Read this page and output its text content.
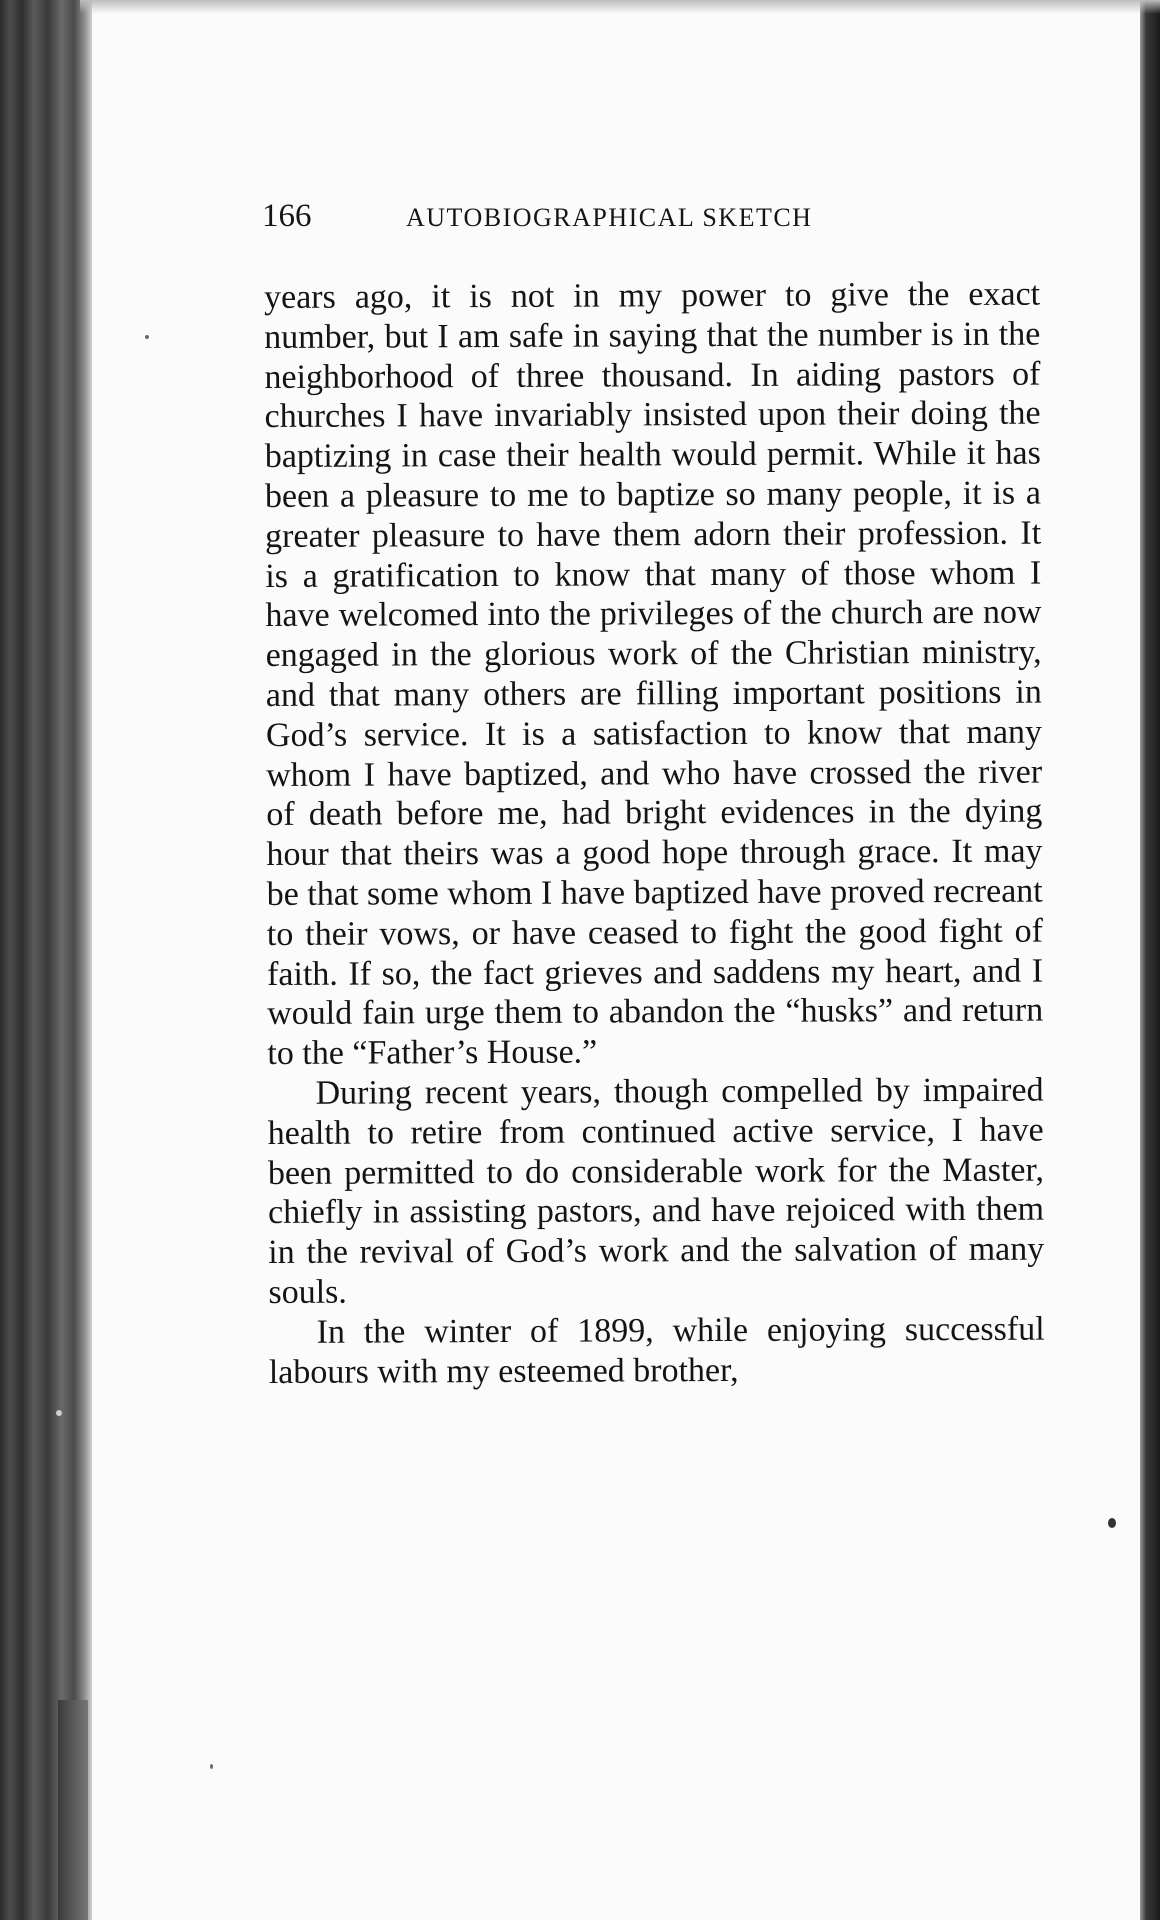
166	AUTOBIOGRAPHICAL SKETCH

years ago, it is not in my power to give the exact number, but I am safe in saying that the number is in the neighborhood of three thousand. In aiding pastors of churches I have invariably insisted upon their doing the baptizing in case their health would permit. While it has been a pleasure to me to baptize so many people, it is a greater pleasure to have them adorn their profession. It is a gratification to know that many of those whom I have welcomed into the privileges of the church are now engaged in the glorious work of the Christian ministry, and that many others are filling important positions in God’s service. It is a satisfaction to know that many whom I have baptized, and who have crossed the river of death before me, had bright evidences in the dying hour that theirs was a good hope through grace. It may be that some whom I have baptized have proved recreant to their vows, or have ceased to fight the good fight of faith. If so, the fact grieves and saddens my heart, and I would fain urge them to abandon the “husks” and return to the “Father’s House.”

During recent years, though compelled by impaired health to retire from continued active service, I have been permitted to do considerable work for the Master, chiefly in assisting pastors, and have rejoiced with them in the revival of God’s work and the salvation of many souls.

In the winter of 1899, while enjoying successful labours with my esteemed brother,
